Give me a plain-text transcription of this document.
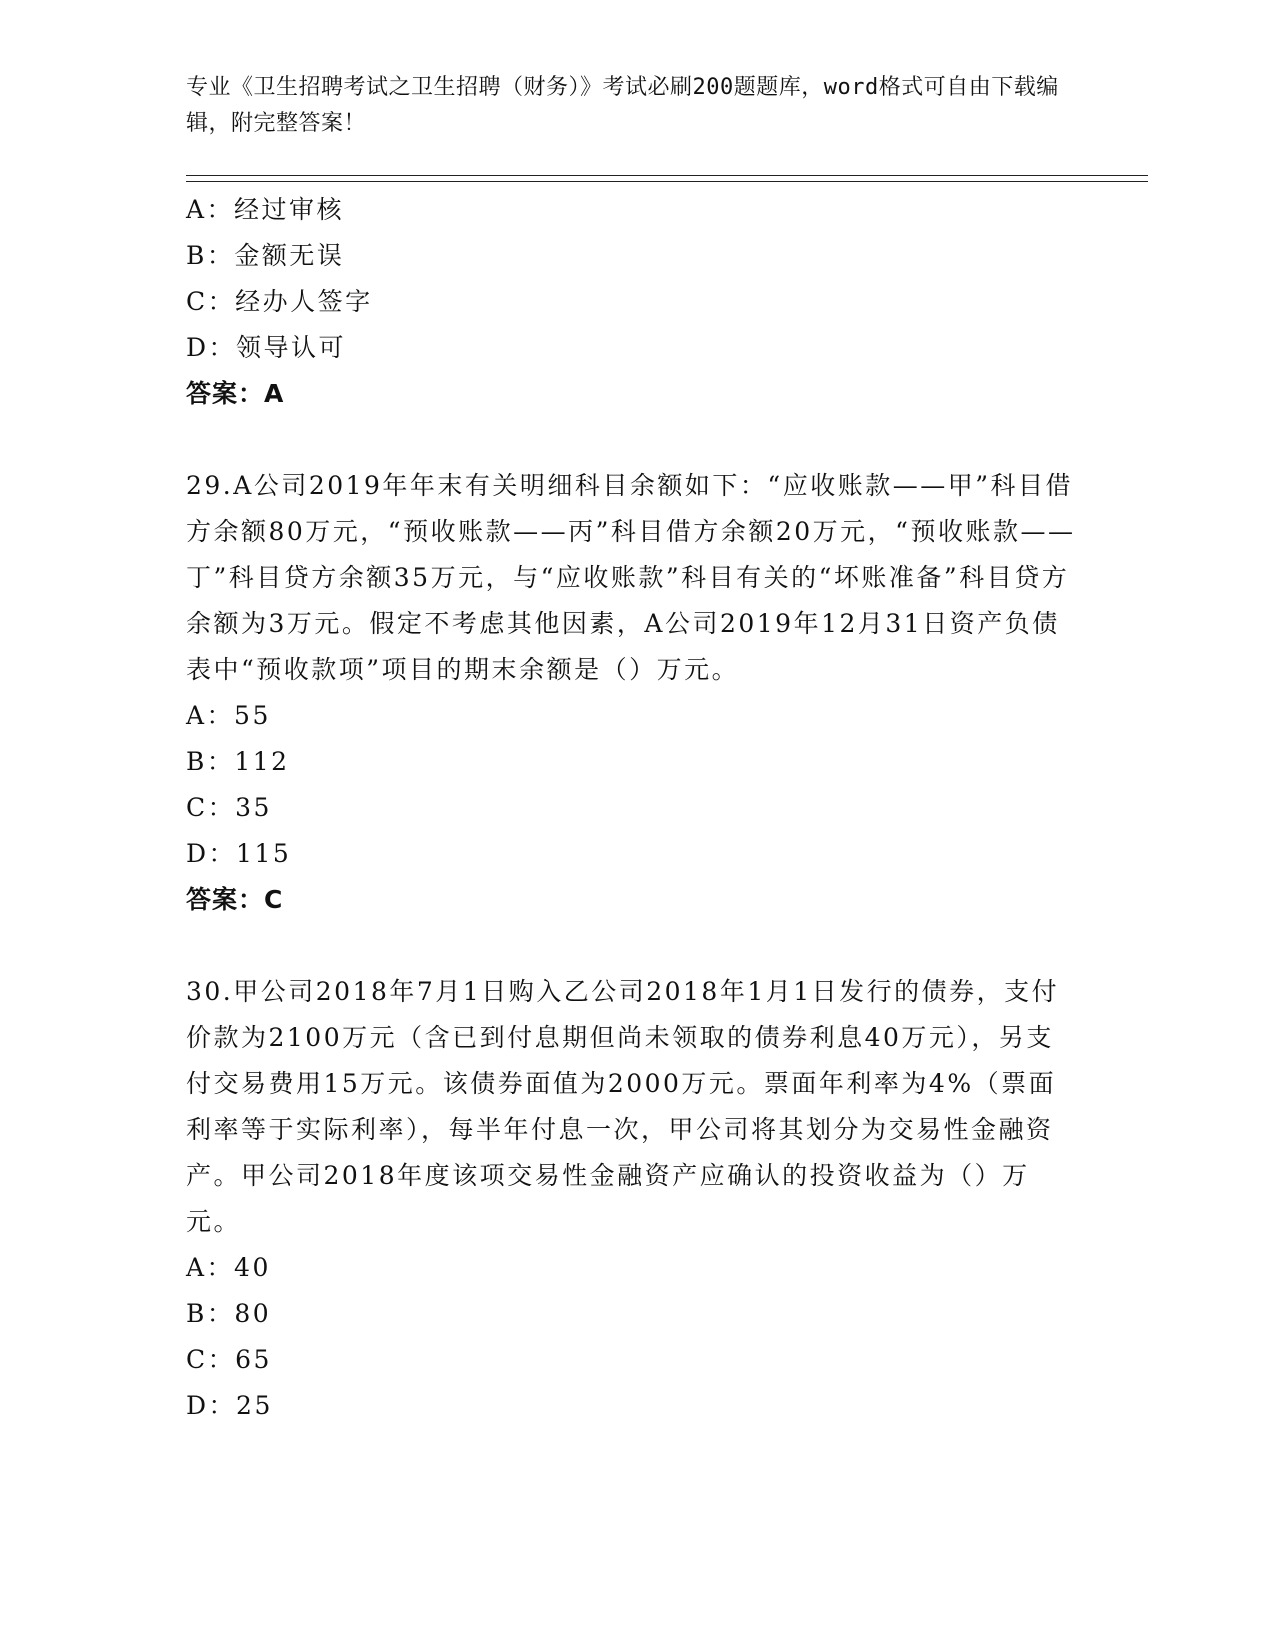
专业《卫生招聘考试之卫生招聘（财务）》考试必刷200题题库，word格式可自由下载编辑，附完整答案！
A：经过审核
B：金额无误
C：经办人签字
D：领导认可
答案：A
29.A公司2019年年末有关明细科目余额如下：“应收账款——甲”科目借方余额80万元，“预收账款——丙”科目借方余额20万元，“预收账款——丁”科目贷方余额35万元，与“应收账款”科目有关的“坏账准备”科目贷方余额为3万元。假定不考虑其他因素，A公司2019年12月31日资产负债表中“预收款项”项目的期末余额是（）万元。
A：55
B：112
C：35
D：115
答案：C
30.甲公司2018年7月1日购入乙公司2018年1月1日发行的债券，支付价款为2100万元（含已到付息期但尚未领取的债券利息40万元），另支付交易费用15万元。该债券面值为2000万元。票面年利率为4%（票面利率等于实际利率），每半年付息一次，甲公司将其划分为交易性金融资产。甲公司2018年度该项交易性金融资产应确认的投资收益为（）万元。
A：40
B：80
C：65
D：25
